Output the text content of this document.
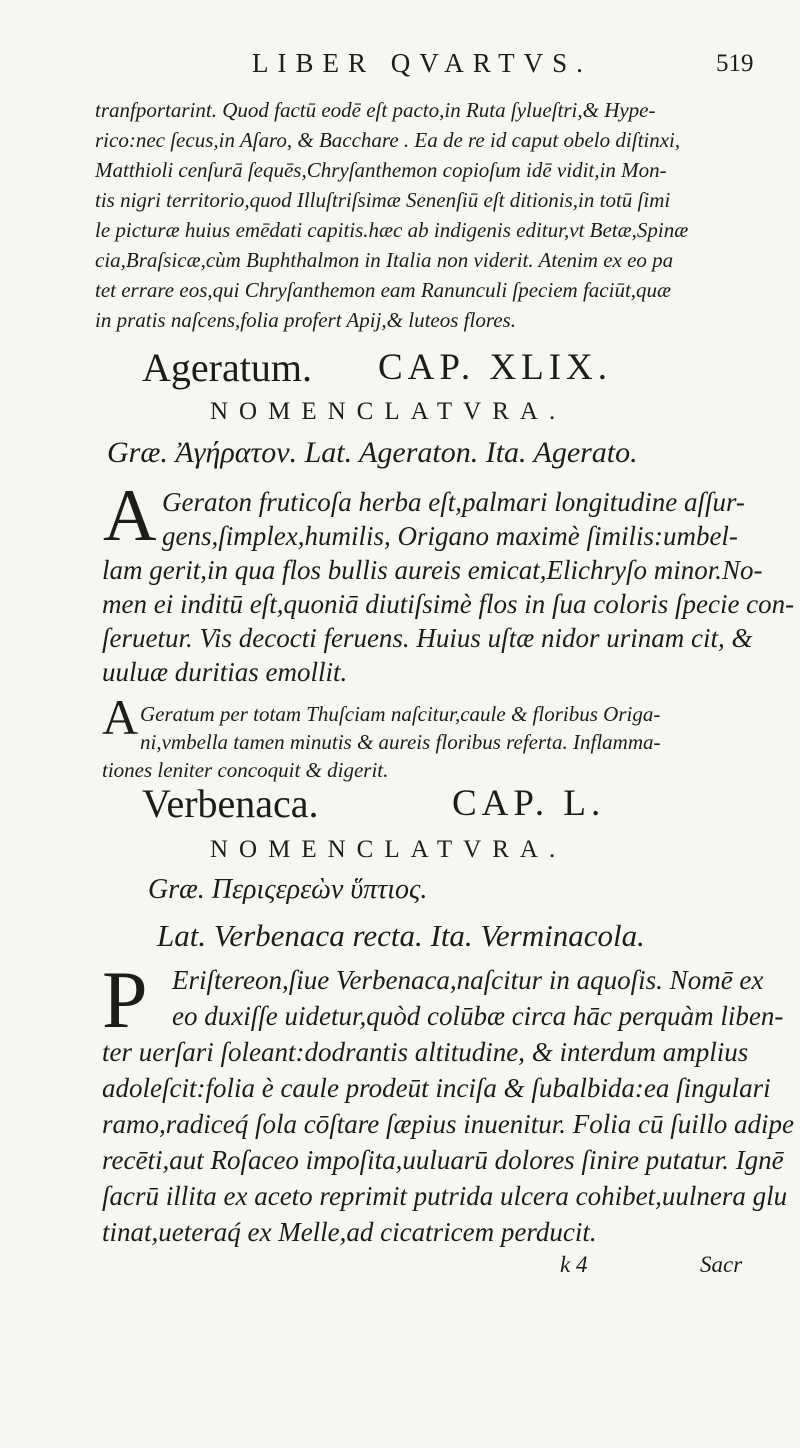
LIBER QVARTVS.	519
tranfportarint. Quod factū eodē eſt pacto,in Ruta ſylueſtri,& Hype-
rico:nec ſecus,in Aſaro, & Bacchare . Ea de re id caput obelo diſtinxi,
Matthioli cenſurā ſequēs,Chryſanthemon copioſum idē vidit,in Mon-
tis nigri territorio,quod Illuſtriſsimæ Senenſiū eſt ditionis,in totū ſimi
le picturæ huius emēdati capitis.hæc ab indigenis editur,vt Betæ,Spinæ
cia,Braſsicæ,cùm Buphthalmon in Italia non viderit. Atenim ex eo pa
tet errare eos,qui Chryſanthemon eam Ranunculi ſpeciem faciūt,quæ
in pratis naſcens,folia profert Apij,& luteos flores.
Ageratum. CAP. XLIX.
NOMENCLATVRA.
Græ. Ἀγήρατον. Lat. Ageraton. Ita. Agerato.
A Geraton fruticoſa herba eſt,palmari longitudine aſſur-
gens,ſimplex,humilis, Origano maximè ſimilis:umbel-
lam gerit,in qua flos bullis aureis emicat,Elichryſo minor.No-
men ei inditū eſt,quoniā diutiſsimè flos in ſua coloris ſpecie con-
ſeruetur. Vis decocti feruens. Huius uſtæ nidor urinam cit, &
uuluæ duritias emollit.
A Geratum per totam Thuſciam naſcitur,caule & floribus Origa-
ni,vmbella tamen minutis & aureis floribus referta. Inflamma-
tiones leniter concoquit & digerit.
Verbenaca.	CAP. L.
NOMENCLATVRA.
Græ. Περιςερεὼν ὕπτιος.
Lat. Verbenaca recta. Ita. Verminacola.
P Eriſtereon,ſiue Verbenaca,naſcitur in aquoſis. Nomē ex
eo duxiſſe uidetur,quòd colūbæ circa hāc perquàm liben-
ter uerſari ſoleant:dodrantis altitudine, & interdum amplius
adoleſcit:folia è caule prodeūt inciſa & ſubalbida:ea ſingulari
ramo,radiceq́ ſola cōſtare ſæpius inuenitur. Folia cū ſuillo adipe
recēti,aut Roſaceo impoſita,uuluarū dolores ſinire putatur. Ignē
ſacrū illita ex aceto reprimit putrida ulcera cohibet,uulnera glu
tinat,ueteraq́ ex Melle,ad cicatricem perducit.
k 4	Sacr
